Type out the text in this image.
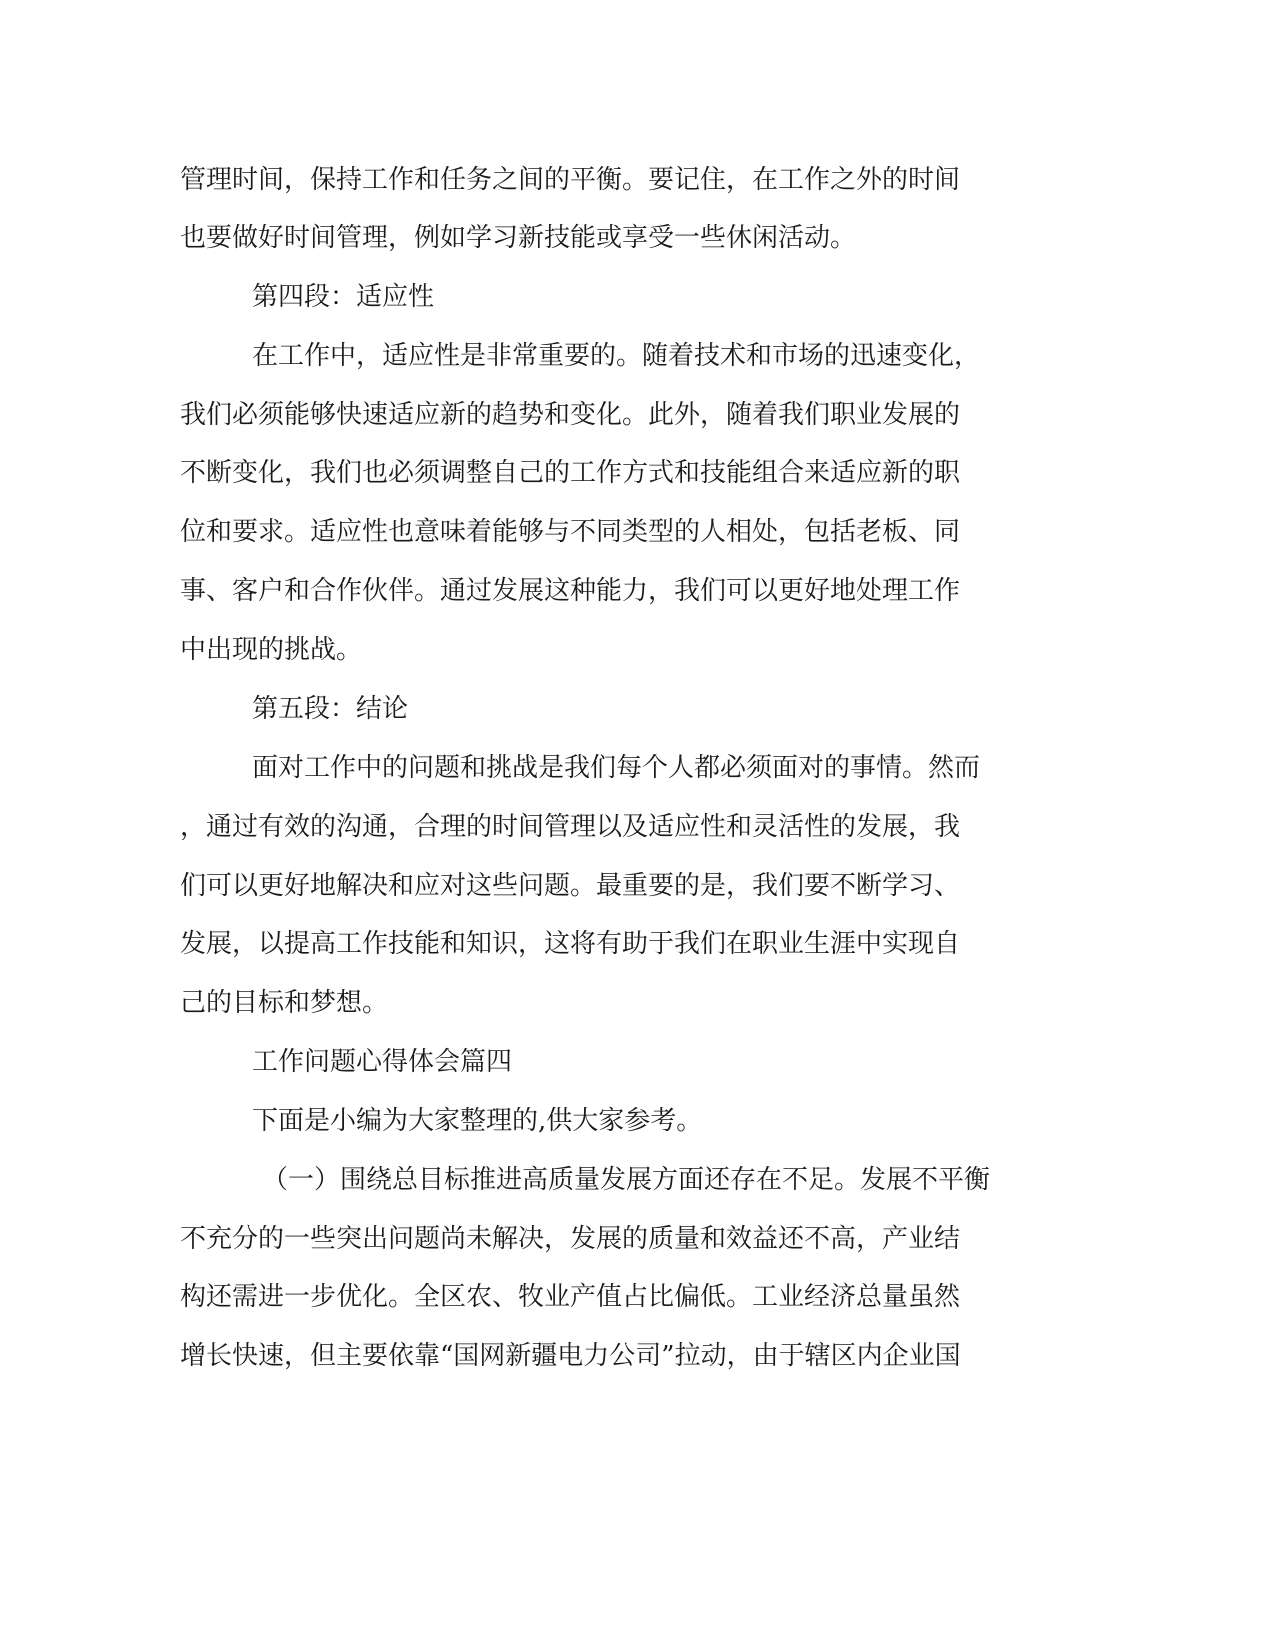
管理时间，保持工作和任务之间的平衡。要记住，在工作之外的时间
也要做好时间管理，例如学习新技能或享受一些休闲活动。
第四段：适应性
在工作中，适应性是非常重要的。随着技术和市场的迅速变化，
我们必须能够快速适应新的趋势和变化。此外，随着我们职业发展的
不断变化，我们也必须调整自己的工作方式和技能组合来适应新的职
位和要求。适应性也意味着能够与不同类型的人相处，包括老板、同
事、客户和合作伙伴。通过发展这种能力，我们可以更好地处理工作
中出现的挑战。
第五段：结论
面对工作中的问题和挑战是我们每个人都必须面对的事情。然而
，通过有效的沟通，合理的时间管理以及适应性和灵活性的发展，我
们可以更好地解决和应对这些问题。最重要的是，我们要不断学习、
发展，以提高工作技能和知识，这将有助于我们在职业生涯中实现自
己的目标和梦想。
工作问题心得体会篇四
下面是小编为大家整理的,供大家参考。
（一）围绕总目标推进高质量发展方面还存在不足。发展不平衡
不充分的一些突出问题尚未解决，发展的质量和效益还不高，产业结
构还需进一步优化。全区农、牧业产值占比偏低。工业经济总量虽然
增长快速，但主要依靠“国网新疆电力公司”拉动，由于辖区内企业国
